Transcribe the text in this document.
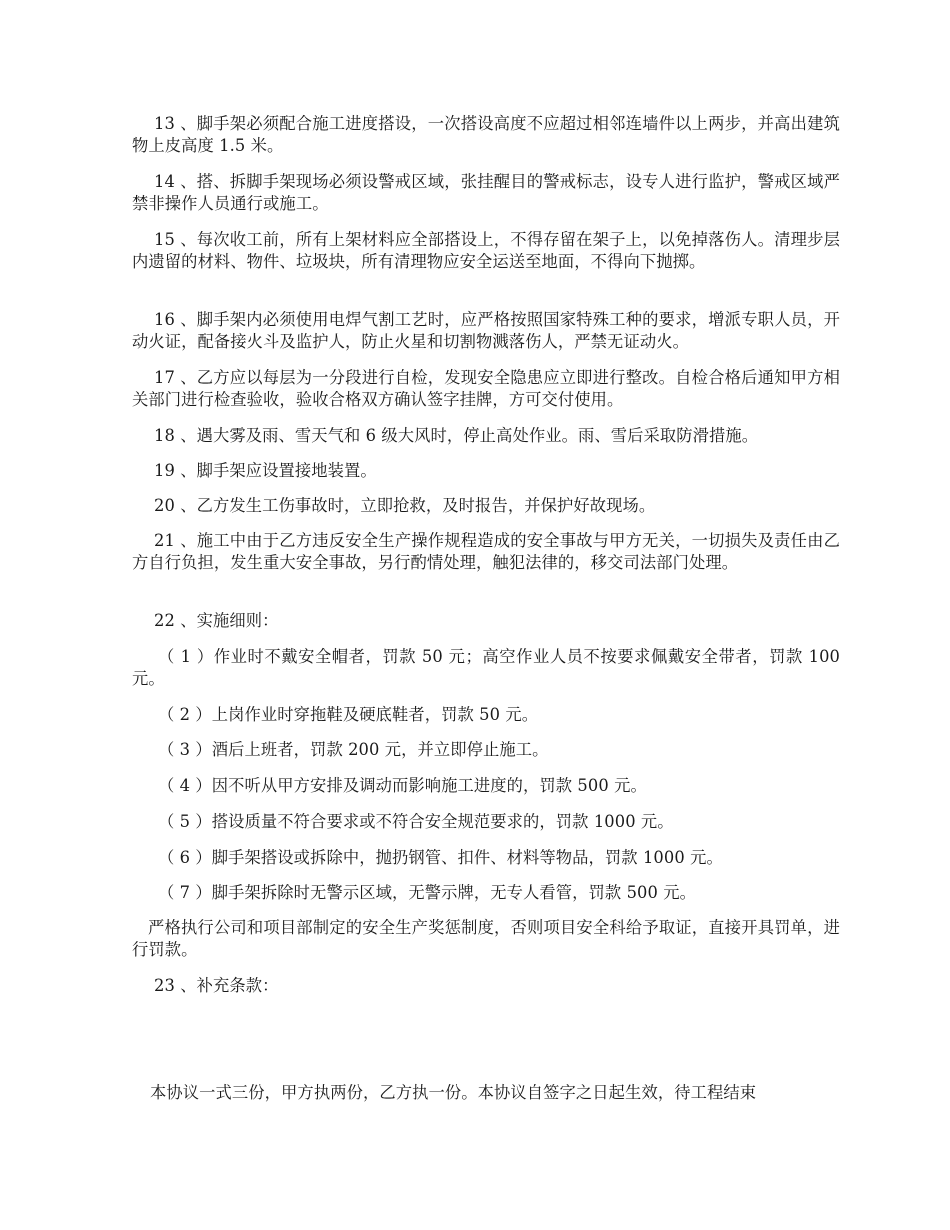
13 、脚手架必须配合施工进度搭设，一次搭设高度不应超过相邻连墙件以上两步，并高出建筑物上皮高度 1.5 米。

14 、搭、拆脚手架现场必须设警戒区域，张挂醒目的警戒标志，设专人进行监护，警戒区域严禁非操作人员通行或施工。

15 、每次收工前，所有上架材料应全部搭设上，不得存留在架子上，以免掉落伤人。清理步层内遗留的材料、物件、垃圾块，所有清理物应安全运送至地面，不得向下抛掷。

16 、脚手架内必须使用电焊气割工艺时，应严格按照国家特殊工种的要求，增派专职人员，开动火证，配备接火斗及监护人，防止火星和切割物溅落伤人，严禁无证动火。

17 、乙方应以每层为一分段进行自检，发现安全隐患应立即进行整改。自检合格后通知甲方相关部门进行检查验收，验收合格双方确认签字挂牌，方可交付使用。

18 、遇大雾及雨、雪天气和 6 级大风时，停止高处作业。雨、雪后采取防滑措施。

19 、脚手架应设置接地装置。

20 、乙方发生工伤事故时，立即抢救，及时报告，并保护好故现场。

21 、施工中由于乙方违反安全生产操作规程造成的安全事故与甲方无关，一切损失及责任由乙方自行负担，发生重大安全事故，另行酌情处理，触犯法律的，移交司法部门处理。

22 、实施细则：

（ 1 ）作业时不戴安全帽者，罚款 50 元；高空作业人员不按要求佩戴安全带者，罚款 100 元。

（ 2 ）上岗作业时穿拖鞋及硬底鞋者，罚款 50 元。

（ 3 ）酒后上班者，罚款 200 元，并立即停止施工。

（ 4 ）因不听从甲方安排及调动而影响施工进度的，罚款 500 元。

（ 5 ）搭设质量不符合要求或不符合安全规范要求的，罚款 1000 元。

（ 6 ）脚手架搭设或拆除中，抛扔钢管、扣件、材料等物品，罚款 1000 元。

（ 7 ）脚手架拆除时无警示区域，无警示牌，无专人看管，罚款 500 元。

严格执行公司和项目部制定的安全生产奖惩制度，否则项目安全科给予取证，直接开具罚单，进行罚款。

23 、补充条款：

本协议一式三份，甲方执两份，乙方执一份。本协议自签字之日起生效，待工程结束
